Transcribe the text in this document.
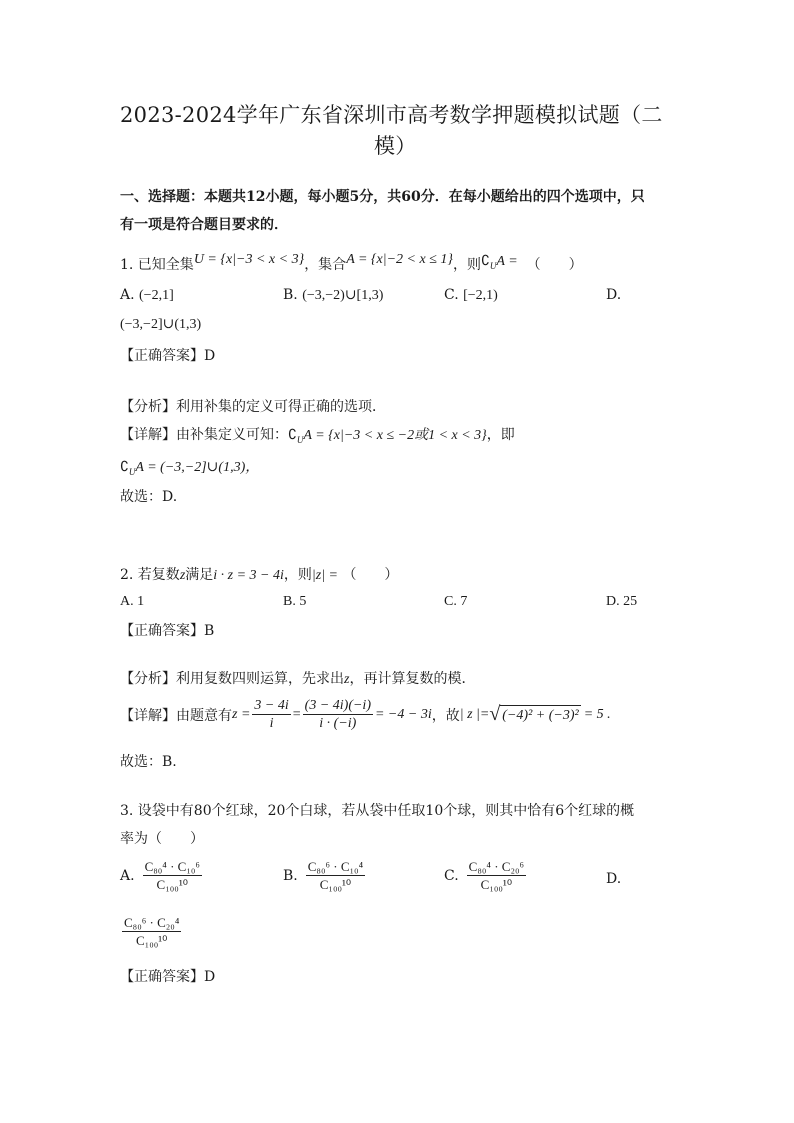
2023-2024学年广东省深圳市高考数学押题模拟试题（二
模）
一、选择题：本题共12小题，每小题5分，共60分．在每小题给出的四个选项中，只
有一项是符合题目要求的．
1. 已知全集U = {x|−3 < x < 3}，集合A = {x|−2 < x ≤ 1}，则$∁_UA$ = （　　）
A. (−2,1]	B. (−3,−2)∪[1,3)	C. [−2,1)	D.
(−3,−2]∪(1,3)
【正确答案】D
【分析】利用补集的定义可得正确的选项．
【详解】由补集定义可知：$∁_UA = \{x|-3 < x \le -2$或1 < x < 3}，即
$∁_UA$ = (−3,−2]∪(1,3)，
故选：D.
2. 若复数z满足i · z = 3 − 4i，则|z| = （　　）
A. 1	B. 5	C. 7	D. 25
【正确答案】B
【分析】利用复数四则运算，先求出z，再计算复数的模．
【详解】由题意有 $z = \frac{3 - 4i}{i} = \frac{(3 - 4i)(-i)}{i \cdot (-i)} = -4 - 3i$ ，故 | z |= √ (−4)² + (−3)² = 5 .
故选：B.
3. 设袋中有80个红球，20个白球，若从袋中任取10个球，则其中恰有6个红球的概
率为（　　）
A. $\frac{\text{C₈₀⁴ · C₁₀⁶}}{\text{C₁₀₀¹⁰}}$	B. $\frac{\text{C₈₀⁶ · C₁₀⁴}}{\text{C₁₀₀¹⁰}}$	C. $\frac{\text{C₈₀⁴ · C₂₀⁶}}{\text{C₁₀₀¹⁰}}$	D.
$\frac{\text{C₈₀⁶ · C₂₀⁴}}{\text{C₁₀₀¹⁰}}$
【正确答案】D
